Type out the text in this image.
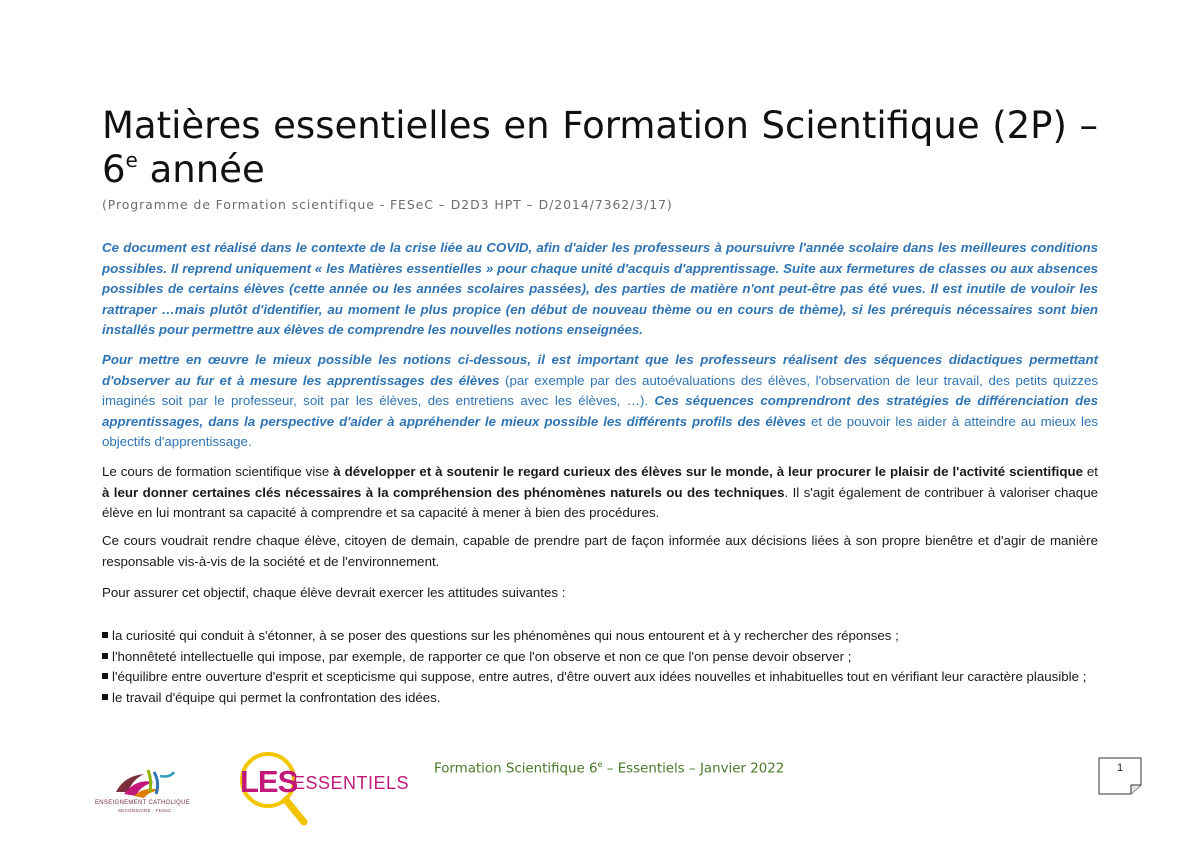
Matières essentielles en Formation Scientifique (2P) – 6e année
(Programme de Formation scientifique - FESeC – D2D3 HPT – D/2014/7362/3/17)

Ce document est réalisé dans le contexte de la crise liée au COVID, afin d'aider les professeurs à poursuivre l'année scolaire dans les meilleures conditions possibles. Il reprend uniquement « les Matières essentielles » pour chaque unité d'acquis d'apprentissage. Suite aux fermetures de classes ou aux absences possibles de certains élèves (cette année ou les années scolaires passées), des parties de matière n'ont peut-être pas été vues. Il est inutile de vouloir les rattraper …mais plutôt d'identifier, au moment le plus propice (en début de nouveau thème ou en cours de thème), si les prérequis nécessaires sont bien installés pour permettre aux élèves de comprendre les nouvelles notions enseignées.

Pour mettre en œuvre le mieux possible les notions ci-dessous, il est important que les professeurs réalisent des séquences didactiques permettant d'observer au fur et à mesure les apprentissages des élèves (par exemple par des autoévaluations des élèves, l'observation de leur travail, des petits quizzes imaginés soit par le professeur, soit par les élèves, des entretiens avec les élèves, …). Ces séquences comprendront des stratégies de différenciation des apprentissages, dans la perspective d'aider à appréhender le mieux possible les différents profils des élèves et de pouvoir les aider à atteindre au mieux les objectifs d'apprentissage.

Le cours de formation scientifique vise à développer et à soutenir le regard curieux des élèves sur le monde, à leur procurer le plaisir de l'activité scientifique et à leur donner certaines clés nécessaires à la compréhension des phénomènes naturels ou des techniques. Il s'agit également de contribuer à valoriser chaque élève en lui montrant sa capacité à comprendre et sa capacité à mener à bien des procédures.

Ce cours voudrait rendre chaque élève, citoyen de demain, capable de prendre part de façon informée aux décisions liées à son propre bienêtre et d'agir de manière responsable vis-à-vis de la société et de l'environnement.

Pour assurer cet objectif, chaque élève devrait exercer les attitudes suivantes :

la curiosité qui conduit à s'étonner, à se poser des questions sur les phénomènes qui nous entourent et à y rechercher des réponses ;

l'honnêteté intellectuelle qui impose, par exemple, de rapporter ce que l'on observe et non ce que l'on pense devoir observer ;

l'équilibre entre ouverture d'esprit et scepticisme qui suppose, entre autres, d'être ouvert aux idées nouvelles et inhabituelles tout en vérifiant leur caractère plausible ;

le travail d'équipe qui permet la confrontation des idées.

ENSEIGNEMENT CATHOLIQUE
SECONDAIRE · FESeC
LES
ESSENTIELS
Formation Scientifique 6e – Essentiels – Janvier 2022	1
